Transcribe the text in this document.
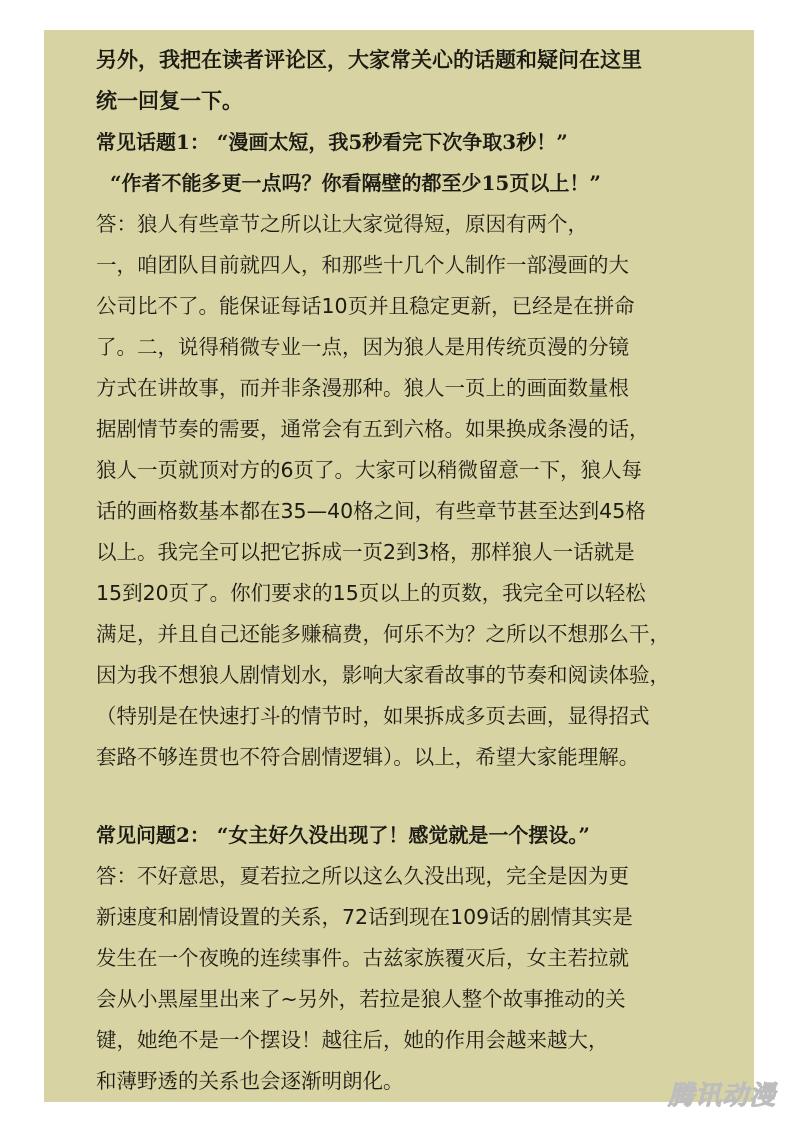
另外，我把在读者评论区，大家常关心的话题和疑问在这里
统一回复一下。
常见话题1： “漫画太短，我5秒看完下次争取3秒！”
“作者不能多更一点吗？你看隔壁的都至少15页以上！”
答：狼人有些章节之所以让大家觉得短，原因有两个，
一，咱团队目前就四人，和那些十几个人制作一部漫画的大
公司比不了。能保证每话10页并且稳定更新，已经是在拼命
了。二，说得稍微专业一点，因为狼人是用传统页漫的分镜
方式在讲故事，而并非条漫那种。狼人一页上的画面数量根
据剧情节奏的需要，通常会有五到六格。如果换成条漫的话，
狼人一页就顶对方的6页了。大家可以稍微留意一下，狼人每
话的画格数基本都在35—40格之间，有些章节甚至达到45格
以上。我完全可以把它拆成一页2到3格，那样狼人一话就是
15到20页了。你们要求的15页以上的页数，我完全可以轻松
满足，并且自己还能多赚稿费，何乐不为？之所以不想那么干，
因为我不想狼人剧情划水，影响大家看故事的节奏和阅读体验，
（特别是在快速打斗的情节时，如果拆成多页去画，显得招式
套路不够连贯也不符合剧情逻辑）。以上，希望大家能理解。
常见问题2： “女主好久没出现了！感觉就是一个摆设。”
答：不好意思，夏若拉之所以这么久没出现，完全是因为更
新速度和剧情设置的关系，72话到现在109话的剧情其实是
发生在一个夜晚的连续事件。古兹家族覆灭后，女主若拉就
会从小黑屋里出来了~另外，若拉是狼人整个故事推动的关
键，她绝不是一个摆设！越往后，她的作用会越来越大，
和薄野透的关系也会逐渐明朗化。	腾讯动漫
